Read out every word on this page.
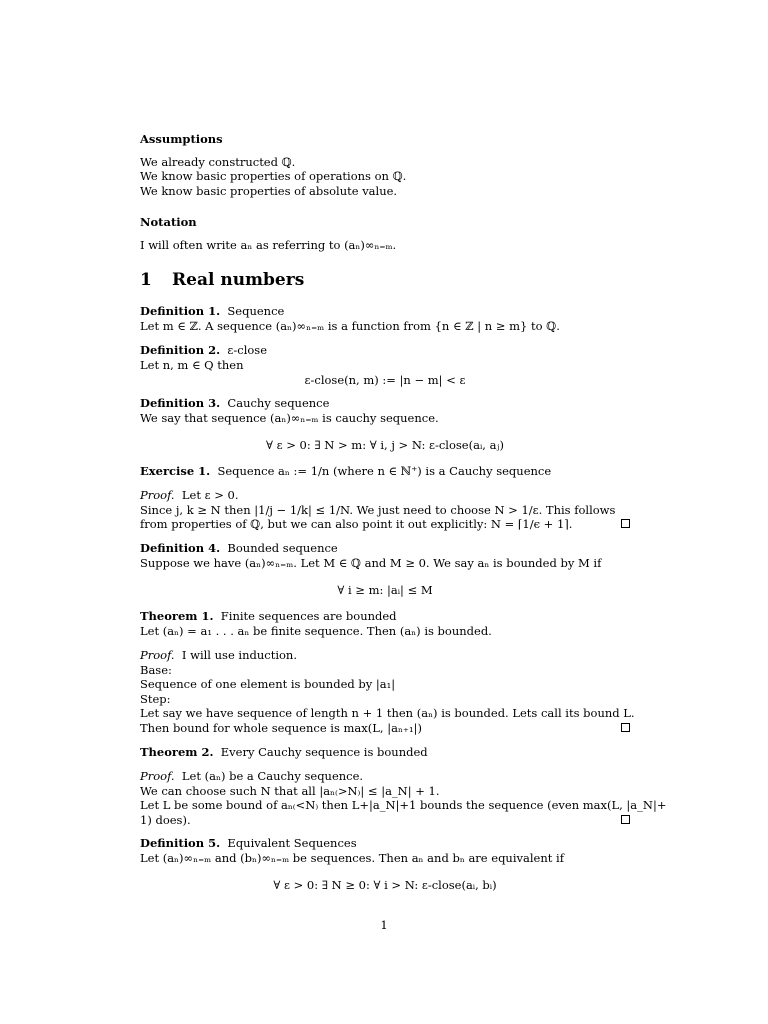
Assumptions
We already constructed ℚ.
We know basic properties of operations on ℚ.
We know basic properties of absolute value.
Notation
I will often write aₙ as referring to (aₙ)∞ₙ₌ₘ.
1 Real numbers
Definition 1. Sequence
Let m ∈ ℤ. A sequence (aₙ)∞ₙ₌ₘ is a function from {n ∈ ℤ | n ≥ m} to ℚ.
Definition 2. ε-close
Let n, m ∈ Q then
ε-close(n, m) := |n − m| < ε
Definition 3. Cauchy sequence
We say that sequence (aₙ)∞ₙ₌ₘ is cauchy sequence.
∀ ε > 0: ∃ N > m: ∀ i, j > N: ε-close(aᵢ, aⱼ)
Exercise 1. Sequence aₙ := 1/n (where n ∈ ℕ⁺) is a Cauchy sequence
Proof. Let ε > 0.
Since j, k ≥ N then |1/j − 1/k| ≤ 1/N. We just need to choose N > 1/ε. This follows
from properties of ℚ, but we can also point it out explicitly: N = ⌈1/ϵ + 1⌉.
Definition 4. Bounded sequence
Suppose we have (aₙ)∞ₙ₌ₘ. Let M ∈ ℚ and M ≥ 0. We say aₙ is bounded by M if
∀ i ≥ m: |aᵢ| ≤ M
Theorem 1. Finite sequences are bounded
Let (aₙ) = a₁ . . . aₙ be finite sequence. Then (aₙ) is bounded.
Proof. I will use induction.
Base:
Sequence of one element is bounded by |a₁|
Step:
Let say we have sequence of length n + 1 then (aₙ) is bounded. Lets call its bound L.
Then bound for whole sequence is max(L, |aₙ₊₁|)
Theorem 2. Every Cauchy sequence is bounded
Proof. Let (aₙ) be a Cauchy sequence.
We can choose such N that all |aₙ₍>N₎| ≤ |a_N| + 1.
Let L be some bound of aₙ₍<N₎ then L+|a_N|+1 bounds the sequence (even max(L, |a_N|+
1) does).
Definition 5. Equivalent Sequences
Let (aₙ)∞ₙ₌ₘ and (bₙ)∞ₙ₌ₘ be sequences. Then aₙ and bₙ are equivalent if
∀ ε > 0: ∃ N ≥ 0: ∀ i > N: ε-close(aᵢ, bᵢ)
1
